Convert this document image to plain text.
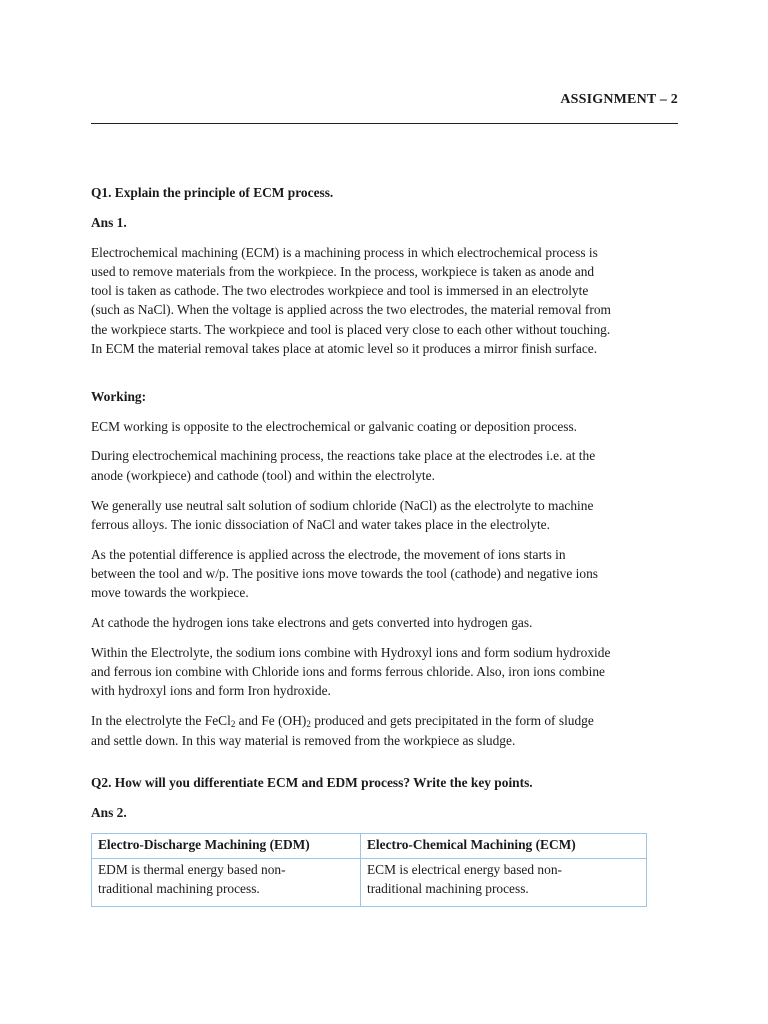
ASSIGNMENT – 2

Q1. Explain the principle of ECM process.

Ans 1.

Electrochemical machining (ECM) is a machining process in which electrochemical process is
used to remove materials from the workpiece. In the process, workpiece is taken as anode and
tool is taken as cathode. The two electrodes workpiece and tool is immersed in an electrolyte
(such as NaCl). When the voltage is applied across the two electrodes, the material removal from
the workpiece starts. The workpiece and tool is placed very close to each other without touching.
In ECM the material removal takes place at atomic level so it produces a mirror finish surface.

Working:

ECM working is opposite to the electrochemical or galvanic coating or deposition process.

During electrochemical machining process, the reactions take place at the electrodes i.e. at the
anode (workpiece) and cathode (tool) and within the electrolyte.

We generally use neutral salt solution of sodium chloride (NaCl) as the electrolyte to machine
ferrous alloys. The ionic dissociation of NaCl and water takes place in the electrolyte.

As the potential difference is applied across the electrode, the movement of ions starts in
between the tool and w/p. The positive ions move towards the tool (cathode) and negative ions
move towards the workpiece.

At cathode the hydrogen ions take electrons and gets converted into hydrogen gas.

Within the Electrolyte, the sodium ions combine with Hydroxyl ions and form sodium hydroxide
and ferrous ion combine with Chloride ions and forms ferrous chloride. Also, iron ions combine
with hydroxyl ions and form Iron hydroxide.

In the electrolyte the FeCl$_2$ and Fe $(OH)_2$ produced and gets precipitated in the form of sludge
and settle down. In this way material is removed from the workpiece as sludge.

Q2. How will you differentiate ECM and EDM process? Write the key points.

Ans 2.

Electro-Discharge Machining (EDM)	Electro-Chemical Machining (ECM)
EDM is thermal energy based non-
traditional machining process.	ECM is electrical energy based non-
traditional machining process.
